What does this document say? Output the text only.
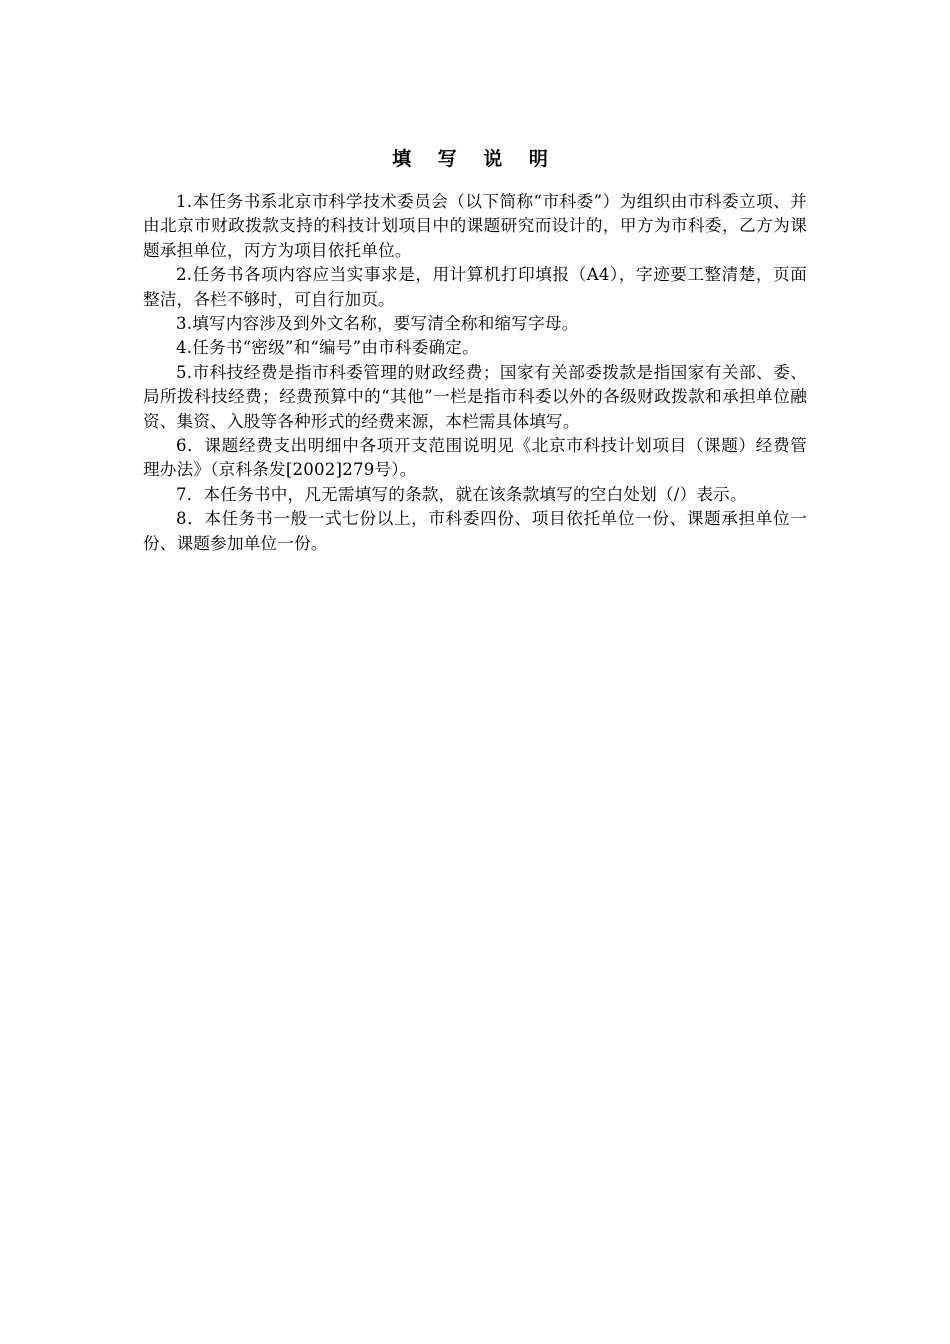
填 写 说 明

1.本任务书系北京市科学技术委员会（以下简称“市科委”）为组织由市科委立项、并由北京市财政拨款支持的科技计划项目中的课题研究而设计的，甲方为市科委，乙方为课题承担单位，丙方为项目依托单位。

2.任务书各项内容应当实事求是，用计算机打印填报（A4），字迹要工整清楚，页面整洁，各栏不够时，可自行加页。

3.填写内容涉及到外文名称，要写清全称和缩写字母。

4.任务书“密级”和“编号”由市科委确定。

5.市科技经费是指市科委管理的财政经费；国家有关部委拨款是指国家有关部、委、局所拨科技经费；经费预算中的“其他”一栏是指市科委以外的各级财政拨款和承担单位融资、集资、入股等各种形式的经费来源，本栏需具体填写。

6．课题经费支出明细中各项开支范围说明见《北京市科技计划项目（课题）经费管理办法》（京科条发[2002]279号）。

7．本任务书中，凡无需填写的条款，就在该条款填写的空白处划（/）表示。

8．本任务书一般一式七份以上，市科委四份、项目依托单位一份、课题承担单位一份、课题参加单位一份。
